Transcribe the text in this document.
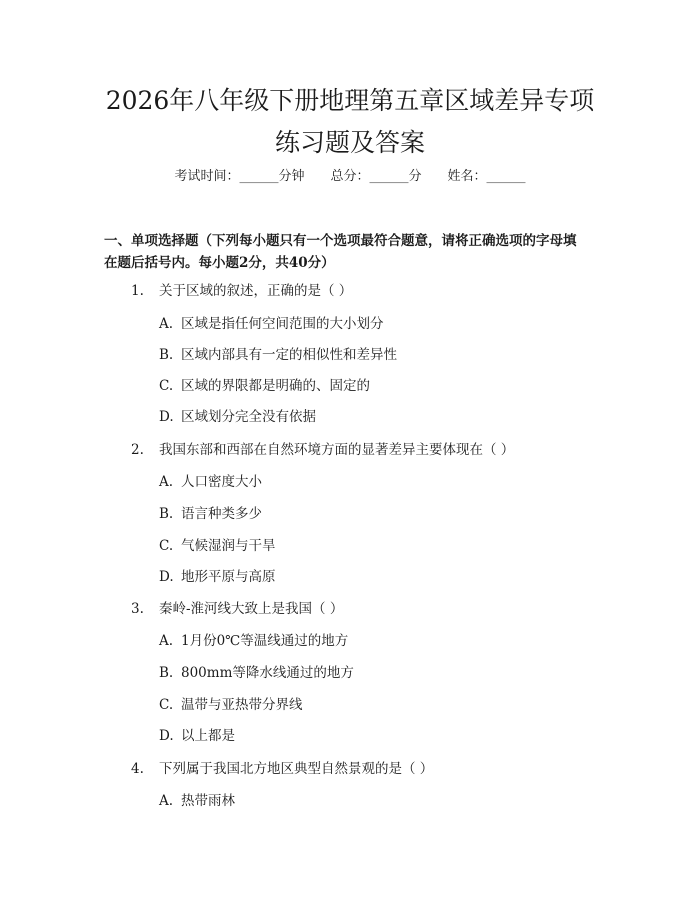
2026年八年级下册地理第五章区域差异专项
练习题及答案
考试时间：______分钟 总分：______分 姓名：______
一、单项选择题（下列每小题只有一个选项最符合题意，请将正确选项的字母填
在题后括号内。每小题2分，共40分）
1. 关于区域的叙述，正确的是（ ）
A. 区域是指任何空间范围的大小划分
B. 区域内部具有一定的相似性和差异性
C. 区域的界限都是明确的、固定的
D. 区域划分完全没有依据
2. 我国东部和西部在自然环境方面的显著差异主要体现在（ ）
A. 人口密度大小
B. 语言种类多少
C. 气候湿润与干旱
D. 地形平原与高原
3. 秦岭-淮河线大致上是我国（ ）
A. 1月份0℃等温线通过的地方
B. 800mm等降水线通过的地方
C. 温带与亚热带分界线
D. 以上都是
4. 下列属于我国北方地区典型自然景观的是（ ）
A. 热带雨林
